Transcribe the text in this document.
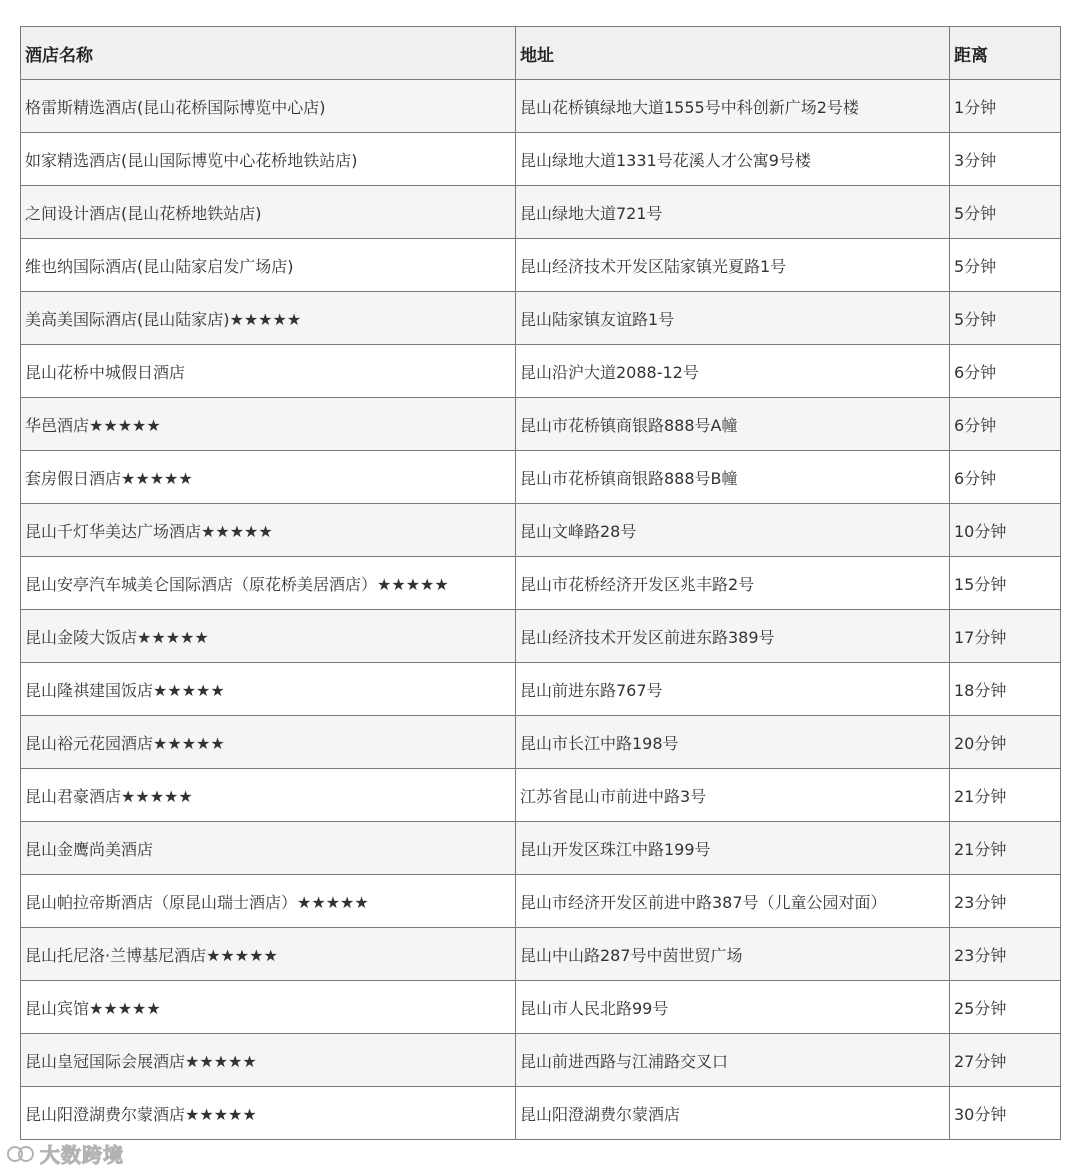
酒店名称	地址	距离
格雷斯精选酒店(昆山花桥国际博览中心店)	昆山花桥镇绿地大道1555号中科创新广场2号楼	1分钟
如家精选酒店(昆山国际博览中心花桥地铁站店)	昆山绿地大道1331号花溪人才公寓9号楼	3分钟
之间设计酒店(昆山花桥地铁站店)	昆山绿地大道721号	5分钟
维也纳国际酒店(昆山陆家启发广场店)	昆山经济技术开发区陆家镇光夏路1号	5分钟
美高美国际酒店(昆山陆家店)★★★★★	昆山陆家镇友谊路1号	5分钟
昆山花桥中城假日酒店	昆山沿沪大道2088-12号	6分钟
华邑酒店★★★★★	昆山市花桥镇商银路888号A幢	6分钟
套房假日酒店★★★★★	昆山市花桥镇商银路888号B幢	6分钟
昆山千灯华美达广场酒店★★★★★	昆山文峰路28号	10分钟
昆山安亭汽车城美仑国际酒店（原花桥美居酒店）★★★★★	昆山市花桥经济开发区兆丰路2号	15分钟
昆山金陵大饭店★★★★★	昆山经济技术开发区前进东路389号	17分钟
昆山隆祺建国饭店★★★★★	昆山前进东路767号	18分钟
昆山裕元花园酒店★★★★★	昆山市长江中路198号	20分钟
昆山君豪酒店★★★★★	江苏省昆山市前进中路3号	21分钟
昆山金鹰尚美酒店	昆山开发区珠江中路199号	21分钟
昆山帕拉帝斯酒店（原昆山瑞士酒店）★★★★★	昆山市经济开发区前进中路387号（儿童公园对面）	23分钟
昆山托尼洛·兰博基尼酒店★★★★★	昆山中山路287号中茵世贸广场	23分钟
昆山宾馆★★★★★	昆山市人民北路99号	25分钟
昆山皇冠国际会展酒店★★★★★	昆山前进西路与江浦路交叉口	27分钟
昆山阳澄湖费尔蒙酒店★★★★★	昆山阳澄湖费尔蒙酒店	30分钟
大数跨境
